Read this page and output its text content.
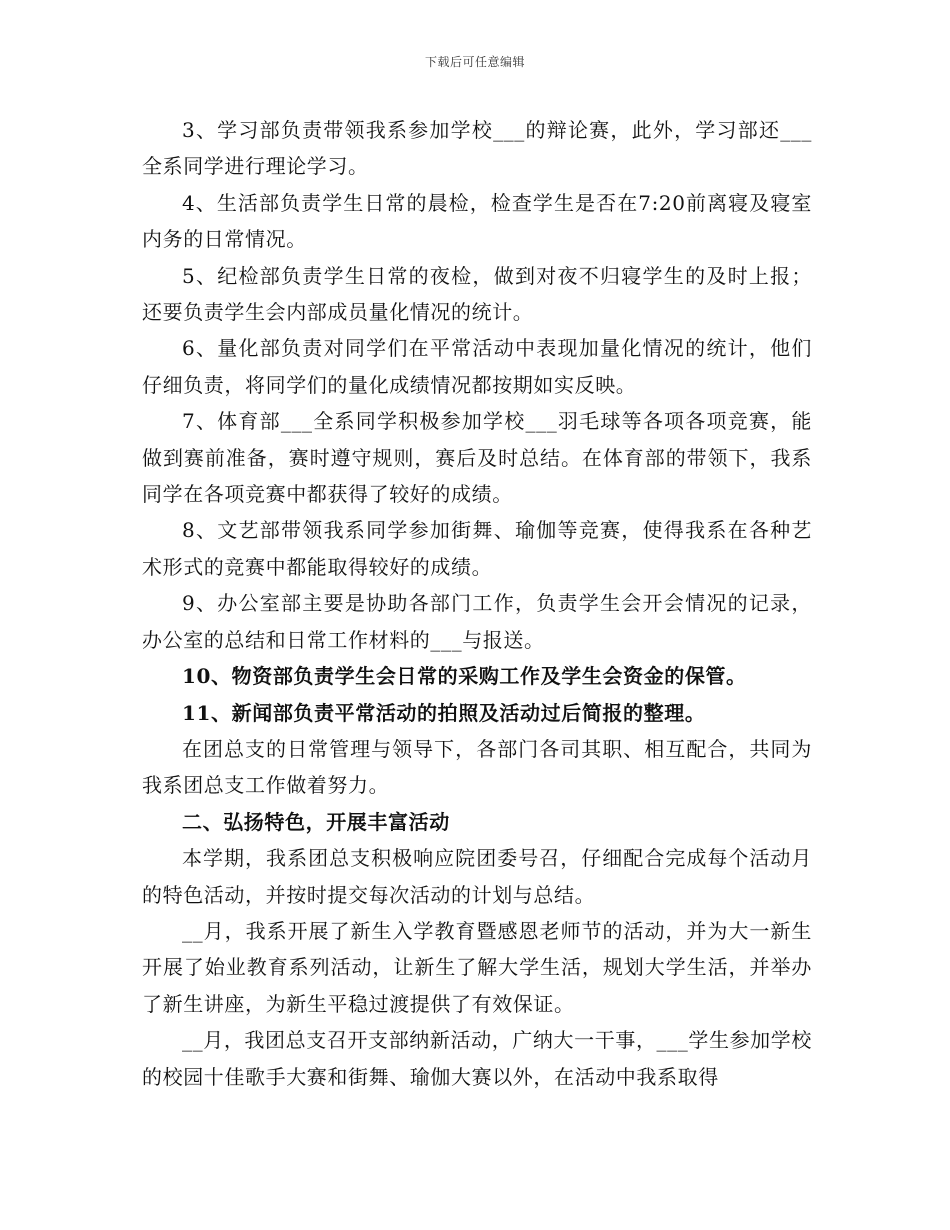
下载后可任意编辑

3、学习部负责带领我系参加学校___的辩论赛，此外，学习部还___全系同学进行理论学习。

4、生活部负责学生日常的晨检，检查学生是否在7:20前离寝及寝室内务的日常情况。

5、纪检部负责学生日常的夜检，做到对夜不归寝学生的及时上报；还要负责学生会内部成员量化情况的统计。

6、量化部负责对同学们在平常活动中表现加量化情况的统计，他们仔细负责，将同学们的量化成绩情况都按期如实反映。

7、体育部___全系同学积极参加学校___羽毛球等各项各项竞赛，能做到赛前准备，赛时遵守规则，赛后及时总结。在体育部的带领下，我系同学在各项竞赛中都获得了较好的成绩。

8、文艺部带领我系同学参加街舞、瑜伽等竞赛，使得我系在各种艺术形式的竞赛中都能取得较好的成绩。

9、办公室部主要是协助各部门工作，负责学生会开会情况的记录，办公室的总结和日常工作材料的___与报送。

10、物资部负责学生会日常的采购工作及学生会资金的保管。

11、新闻部负责平常活动的拍照及活动过后简报的整理。

在团总支的日常管理与领导下，各部门各司其职、相互配合，共同为我系团总支工作做着努力。

二、弘扬特色，开展丰富活动

本学期，我系团总支积极响应院团委号召，仔细配合完成每个活动月的特色活动，并按时提交每次活动的计划与总结。

__月，我系开展了新生入学教育暨感恩老师节的活动，并为大一新生开展了始业教育系列活动，让新生了解大学生活，规划大学生活，并举办了新生讲座，为新生平稳过渡提供了有效保证。

__月，我团总支召开支部纳新活动，广纳大一干事，___学生参加学校的校园十佳歌手大赛和街舞、瑜伽大赛以外，在活动中我系取得
